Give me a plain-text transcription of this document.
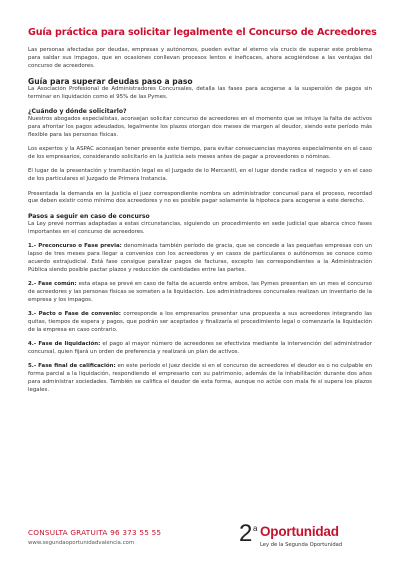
Guía práctica para solicitar legalmente el Concurso de Acreedores

Las personas afectadas por deudas, empresas y autónomos, pueden evitar el eterno vía crucis de superar este problema para saldar sus impagos, que en ocasiones conllevan procesos lentos e ineficaces, ahora acogiéndose a las ventajas del concurso de acreedores.

Guía para superar deudas paso a paso

La Asociación Profesional de Administradores Concursales, detalla las fases para acogerse a la suspensión de pagos sin terminar en liquidación como el 95% de las Pymes.

¿Cuándo y dónde solicitarlo?

Nuestros abogados especialistas, aconsejan solicitar concurso de acreedores en el momento que se intuye la falta de activos para afrontar los pagos adeudados, legalmente los plazos otorgan dos meses de margen al deudor, siendo este período más flexible para las personas físicas.

Los expertos y la ASPAC aconsejan tener presente este tiempo, para evitar consecuencias mayores especialmente en el caso de los empresarios, considerando solicitarlo en la justicia seis meses antes de pagar a proveedores o nóminas.

El lugar de la presentación y tramitación legal es el Juzgado de lo Mercantil, en el lugar donde radica el negocio y en el caso de los particulares el Juzgado de Primera Instancia.

Presentada la demanda en la justicia el juez correspondiente nombra un administrador concursal para el proceso, recordad que deben existir como mínimo dos acreedores y no es posible pagar solamente la hipoteca para acogerse a este derecho.

Pasos a seguir en caso de concurso

La Ley prevé normas adaptadas a estas circunstancias, siguiendo un procedimiento en sede judicial que abarca cinco fases importantes en el concurso de acreedores.

1.- Preconcurso o Fase previa: denominada también período de gracia, que se concede a las pequeñas empresas con un lapso de tres meses para llegar a convenios con los acreedores y en casos de particulares o autónomos se conoce como acuerdo extrajudicial. Está fase consigue paralizar pagos de facturas, excepto las correspondientes a la Administración Pública siendo posible pactar plazos y reducción de cantidades entre las partes.

2.- Fase común: esta etapa se prevé en caso de falta de acuerdo entre ambos, las Pymes presentan en un mes el concurso de acreedores y las personas físicas se someten a la liquidación. Los administradores concursales realizan un inventario de la empresa y los impagos.

3.- Pacto o Fase de convenio: corresponde a los empresarios presentar una propuesta a sus acreedores integrando las quitas, tiempos de espera y pagos, que podrán ser aceptados y finalizaría el procedimiento legal o comenzaría la liquidación de la empresa en caso contrario.

4.- Fase de liquidación: el pago al mayor número de acreedores se efectiviza mediante la intervención del administrador concursal, quien fijará un orden de preferencia y realizará un plan de activos.

5.- Fase final de calificación: en este período el juez decide si en el concurso de acreedores el deudor es o no culpable en forma parcial a la liquidación, respondiendo el empresario con su patrimonio, además de la inhabilitación durante dos años para administrar sociedades. También se califica el deudor de esta forma, aunque no actúe con mala fe si supera los plazos legales.

CONSULTA GRATUITA 96 373 55 55
www.segundaoportunidadvalencia.com	2 a Oportunidad
Ley de la Segunda Oportunidad
